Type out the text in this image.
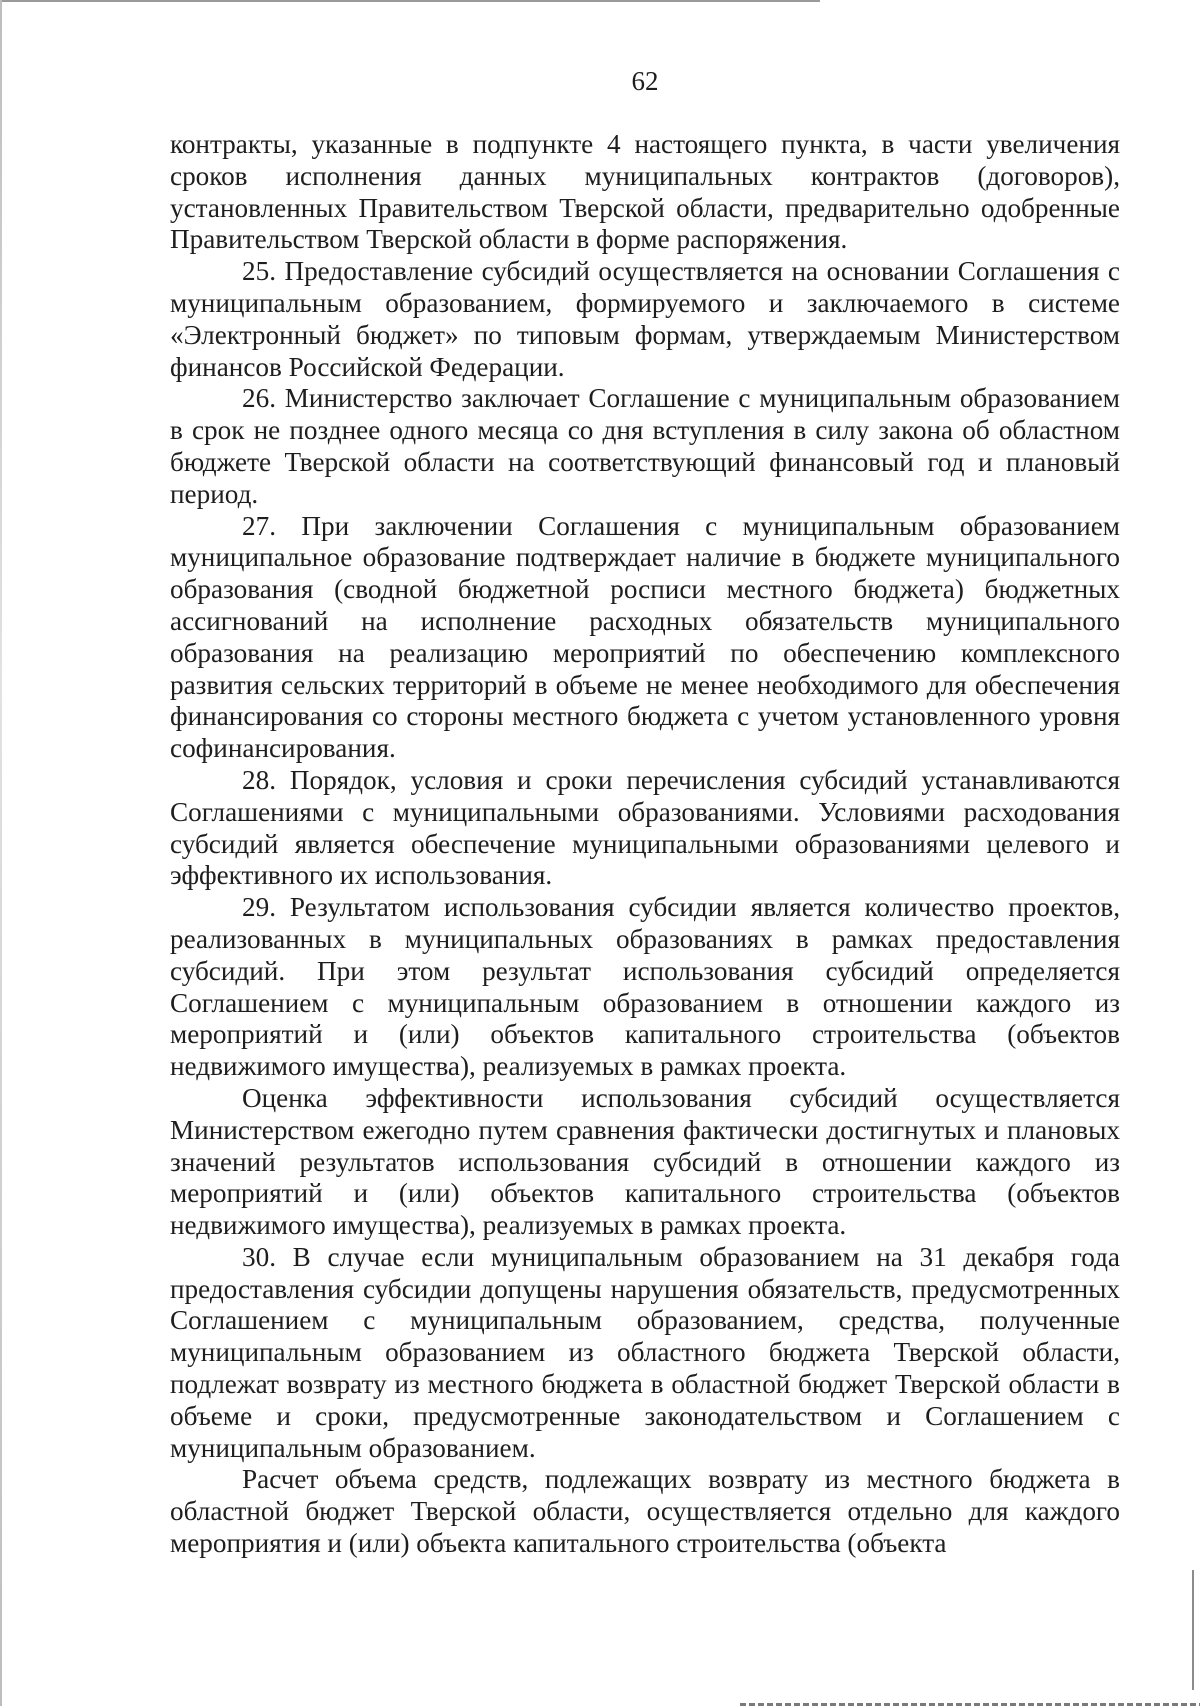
62

контракты, указанные в подпункте 4 настоящего пункта, в части увеличения сроков исполнения данных муниципальных контрактов (договоров), установленных Правительством Тверской области, предварительно одобренные Правительством Тверской области в форме распоряжения.

25. Предоставление субсидий осуществляется на основании Соглашения с муниципальным образованием, формируемого и заключаемого в системе «Электронный бюджет» по типовым формам, утверждаемым Министерством финансов Российской Федерации.

26. Министерство заключает Соглашение с муниципальным образованием в срок не позднее одного месяца со дня вступления в силу закона об областном бюджете Тверской области на соответствующий финансовый год и плановый период.

27. При заключении Соглашения с муниципальным образованием муниципальное образование подтверждает наличие в бюджете муниципального образования (сводной бюджетной росписи местного бюджета) бюджетных ассигнований на исполнение расходных обязательств муниципального образования на реализацию мероприятий по обеспечению комплексного развития сельских территорий в объеме не менее необходимого для обеспечения финансирования со стороны местного бюджета с учетом установленного уровня софинансирования.

28. Порядок, условия и сроки перечисления субсидий устанавливаются Соглашениями с муниципальными образованиями. Условиями расходования субсидий является обеспечение муниципальными образованиями целевого и эффективного их использования.

29. Результатом использования субсидии является количество проектов, реализованных в муниципальных образованиях в рамках предоставления субсидий. При этом результат использования субсидий определяется Соглашением с муниципальным образованием в отношении каждого из мероприятий и (или) объектов капитального строительства (объектов недвижимого имущества), реализуемых в рамках проекта.

Оценка эффективности использования субсидий осуществляется Министерством ежегодно путем сравнения фактически достигнутых и плановых значений результатов использования субсидий в отношении каждого из мероприятий и (или) объектов капитального строительства (объектов недвижимого имущества), реализуемых в рамках проекта.

30. В случае если муниципальным образованием на 31 декабря года предоставления субсидии допущены нарушения обязательств, предусмотренных Соглашением с муниципальным образованием, средства, полученные муниципальным образованием из областного бюджета Тверской области, подлежат возврату из местного бюджета в областной бюджет Тверской области в объеме и сроки, предусмотренные законодательством и Соглашением с муниципальным образованием.

Расчет объема средств, подлежащих возврату из местного бюджета в областной бюджет Тверской области, осуществляется отдельно для каждого мероприятия и (или) объекта капитального строительства (объекта
